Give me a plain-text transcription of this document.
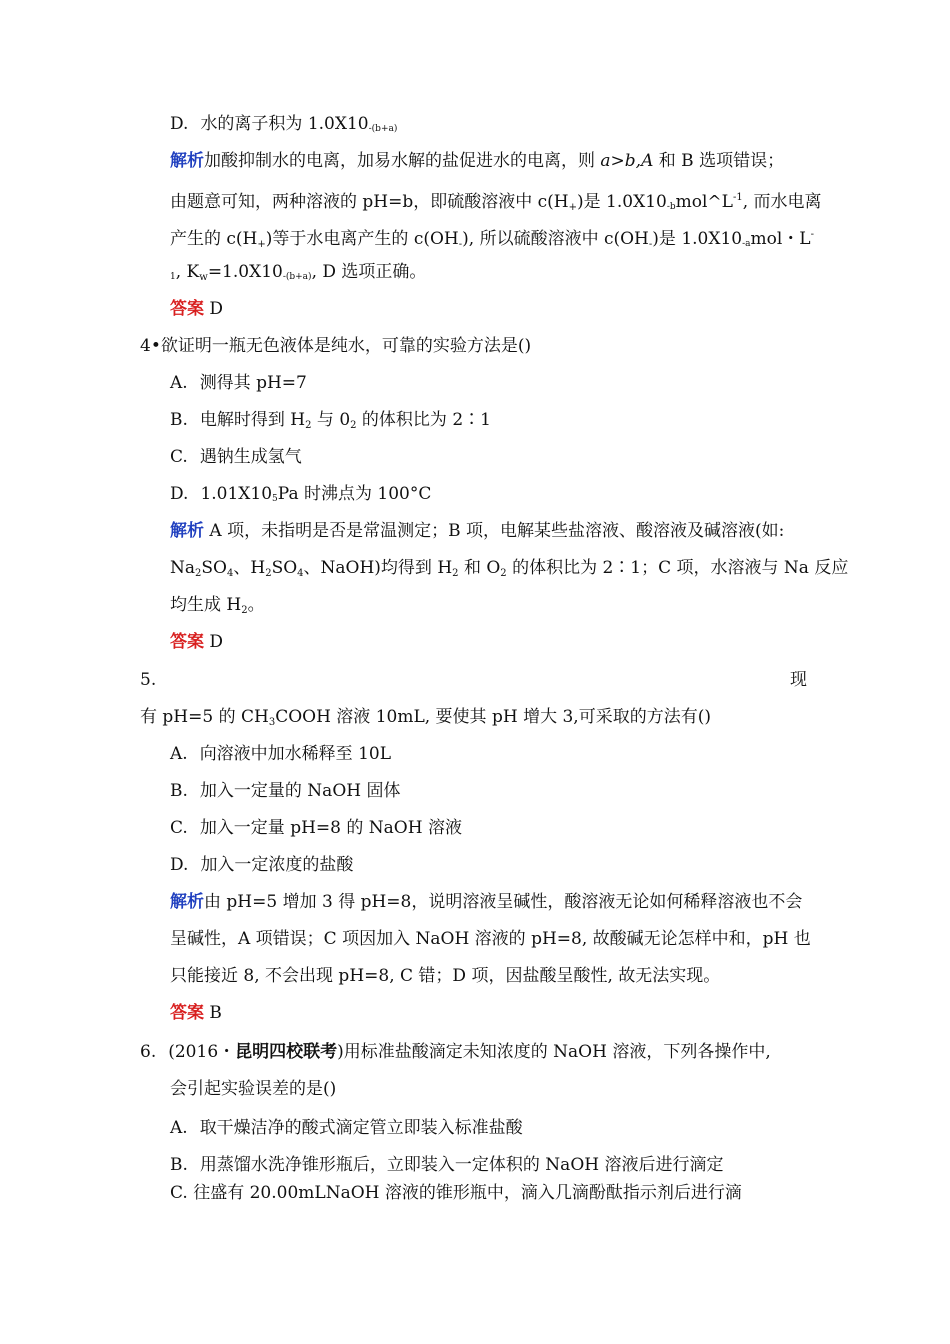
D. 水的离子积为 1.0X10-(b+a)
解析加酸抑制水的电离，加易水解的盐促进水的电离，则 a>b,A 和 B 选项错误；
由题意可知，两种溶液的 pH=b，即硫酸溶液中 $c(H_+)$是 $1.0X10-bmol\^{}L^{-1}$, 而水电离
产生的 $c(H_+)$等于水电离产生的 $c(OH_-)$, 所以硫酸溶液中 $c(OH_-)$是 1.0X10-amol・L-
1, $K_w=1.0X10-(b+a)$, D 选项正确。
答案 D
4•欲证明一瓶无色液体是纯水，可靠的实验方法是()
A. 测得其 pH=7
B. 电解时得到 $H_2$ 与 $0_2$ 的体积比为 2∶1
C. 遇钠生成氢气
D. 1.01X105Pa 时沸点为 100°C
解析 A 项，未指明是否是常温测定；B 项，电解某些盐溶液、酸溶液及碱溶液(如:
$Na_2SO_4$、$H_2SO_4$、NaOH)均得到 $H_2$ 和 $O_2$ 的体积比为 2∶1；C 项，水溶液与 Na 反应
均生成 $H_2$。
答案 D
5.	现
有 pH=5 的 $CH_3COOH$ 溶液 10mL, 要使其 pH 增大 3,可采取的方法有()
A. 向溶液中加水稀释至 10L
B. 加入一定量的 NaOH 固体
C. 加入一定量 pH=8 的 NaOH 溶液
D. 加入一定浓度的盐酸
解析由 pH=5 增加 3 得 pH=8，说明溶液呈碱性，酸溶液无论如何稀释溶液也不会
呈碱性，A 项错误；C 项因加入 NaOH 溶液的 pH=8, 故酸碱无论怎样中和，pH 也
只能接近 8, 不会出现 pH=8, C 错；D 项，因盐酸呈酸性, 故无法实现。
答案 B
6. (2016・昆明四校联考)用标准盐酸滴定未知浓度的 NaOH 溶液，下列各操作中,
会引起实验误差的是()
A. 取干燥洁净的酸式滴定管立即装入标准盐酸
B. 用蒸馏水洗净锥形瓶后，立即装入一定体积的 NaOH 溶液后进行滴定
C. 往盛有 20.00mLNaOH 溶液的锥形瓶中，滴入几滴酚酞指示剂后进行滴
